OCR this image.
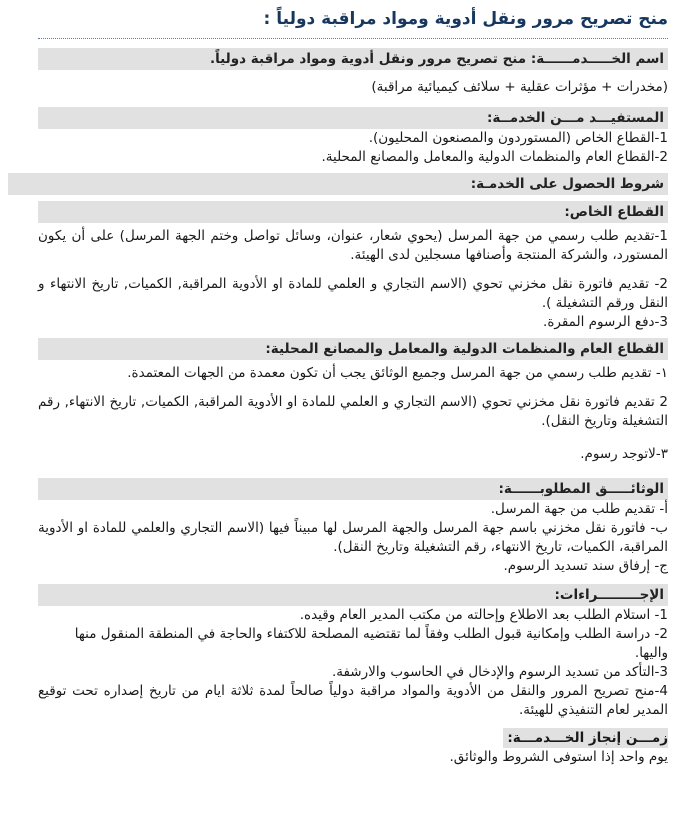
منح تصريح مرور ونقل أدوية ومواد مراقبة دولياً :
اسم الخـــــدمــــــة: منح تصريح مرور ونقل أدوية ومواد مراقبة دولياً.

(مخدرات + مؤثرات عقلية + سلائف كيميائية مراقبة)

المستفيـــد مـــن الخدمــة:

1-القطاع الخاص (المستوردون والمصنعون المحليون).

2-القطاع العام والمنظمات الدولية والمعامل والمصانع المحلية.

شروط الحصول على الخدمـة:
القطاع الخاص:

1-تقديم طلب رسمي من جهة المرسل (يحوي شعار، عنوان، وسائل تواصل وختم الجهة المرسل) على أن يكون المستورد، والشركة المنتجة وأصنافها مسجلين لدى الهيئة.

2- تقديم فاتورة نقل مخزني تحوي (الاسم التجاري و العلمي للمادة او الأدوية المراقبة, الكميات, تاريخ الانتهاء و النقل ورقم التشغيلة ).

3-دفع الرسوم المقرة.

القطاع العام والمنظمات الدولية والمعامل والمصانع المحلية:

١- تقديم طلب رسمي من جهة المرسل وجميع الوثائق يجب أن تكون معمدة من الجهات المعتمدة.

2 تقديم فاتورة نقل مخزني تحوي (الاسم التجاري و العلمي للمادة او الأدوية المراقبة, الكميات, تاريخ الانتهاء, رقم التشغيلة وتاريخ النقل).

٣-لاتوجد رسوم.

الوثائـــــق المطلوبــــــة:

أ- تقديم طلب من جهة المرسل.

ب- فاتورة نقل مخزني باسم جهة المرسل والجهة المرسل لها مبيناً فيها (الاسم التجاري والعلمي للمادة او الأدوية المراقبة، الكميات، تاريخ الانتهاء، رقم التشغيلة وتاريخ النقل).

ج- إرفاق سند تسديد الرسوم.

الإجـــــــــراءات:

1- استلام الطلب بعد الاطلاع وإحالته من مكتب المدير العام وقيده.

2- دراسة الطلب وإمكانية قبول الطلب وفقاً لما تقتضيه المصلحة للاكتفاء والحاجة في المنطقة المنقول منها واليها.

3-التأكد من تسديد الرسوم والإدخال في الحاسوب والارشفة.

4-منح تصريح المرور والنقل من الأدوية والمواد مراقبة دولياً صالحاً لمدة ثلاثة ايام من تاريخ إصداره تحت توقيع المدير لعام التنفيذي للهيئة.

زمـــن إنجاز الخـــدمـــة:

يوم واحد إذا استوفى الشروط والوثائق.
